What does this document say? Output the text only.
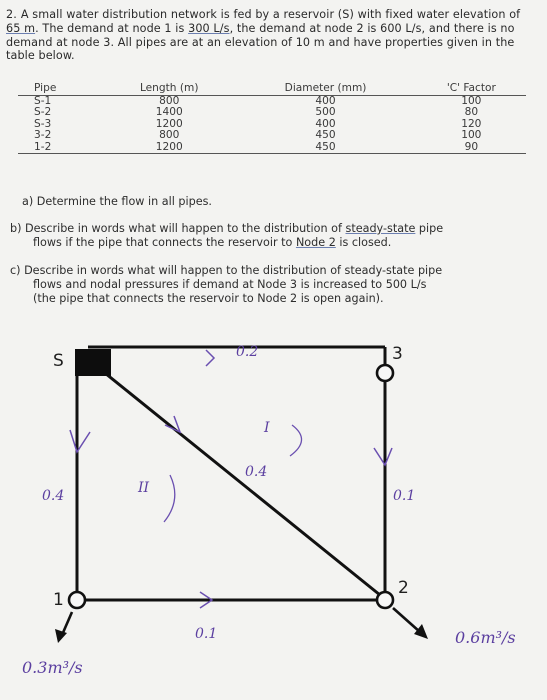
2. A small water distribution network is fed by a reservoir (S) with fixed water elevation of 65 m. The demand at node 1 is 300 L/s, the demand at node 2 is 600 L/s, and there is no demand at node 3. All pipes are at an elevation of 10 m and have properties given in the table below.
Pipe	Length (m)	Diameter (mm)	'C' Factor
S-1	800	400	100
S-2	1400	500	80
S-3	1200	400	120
3-2	800	450	100
1-2	1200	450	90
a) Determine the flow in all pipes.
b) Describe in words what will happen to the distribution of steady-state pipe
flows if the pipe that connects the reservoir to Node 2 is closed.
c) Describe in words what will happen to the distribution of steady-state pipe
flows and nodal pressures if demand at Node 3 is increased to 500 L/s
(the pipe that connects the reservoir to Node 2 is open again).
S	3
2
1
0.2
I
0.4
II
0.4	0.1
0.1
0.3m³/s
0.6m³/s
